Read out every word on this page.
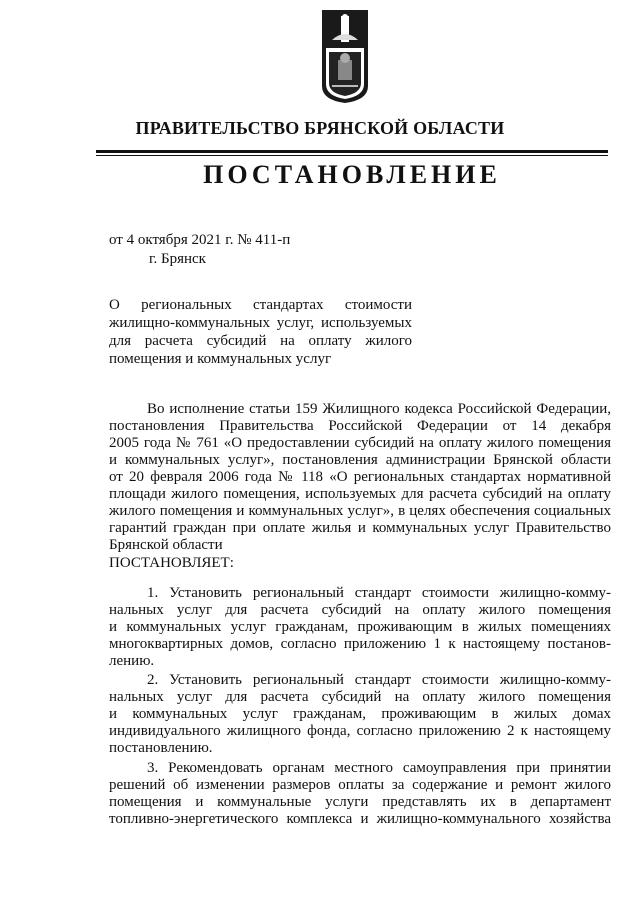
ПРАВИТЕЛЬСТВО БРЯНСКОЙ ОБЛАСТИ
ПОСТАНОВЛЕНИЕ
от 4 октября 2021 г. № 411-п
г. Брянск
О региональных стандартах стоимости
жилищно-коммунальных услуг, используемых
для расчета субсидий на оплату жилого
помещения и коммунальных услуг
Во исполнение статьи 159 Жилищного кодекса Российской Федерации,
постановления Правительства Российской Федерации от 14 декабря
2005 года № 761 «О предоставлении субсидий на оплату жилого помещения
и коммунальных услуг», постановления администрации Брянской области
от 20 февраля 2006 года № 118 «О региональных стандартах нормативной
площади жилого помещения, используемых для расчета субсидий на оплату
жилого помещения и коммунальных услуг», в целях обеспечения социальных
гарантий граждан при оплате жилья и коммунальных услуг Правительство
Брянской области
ПОСТАНОВЛЯЕТ:
1. Установить региональный стандарт стоимости жилищно-комму-
нальных услуг для расчета субсидий на оплату жилого помещения
и коммунальных услуг гражданам, проживающим в жилых помещениях
многоквартирных домов, согласно приложению 1 к настоящему постанов-
лению.
2. Установить региональный стандарт стоимости жилищно-комму-
нальных услуг для расчета субсидий на оплату жилого помещения
и коммунальных услуг гражданам, проживающим в жилых домах
индивидуального жилищного фонда, согласно приложению 2 к настоящему
постановлению.
3. Рекомендовать органам местного самоуправления при принятии
решений об изменении размеров оплаты за содержание и ремонт жилого
помещения и коммунальные услуги представлять их в департамент
топливно-энергетического комплекса и жилищно-коммунального хозяйства
